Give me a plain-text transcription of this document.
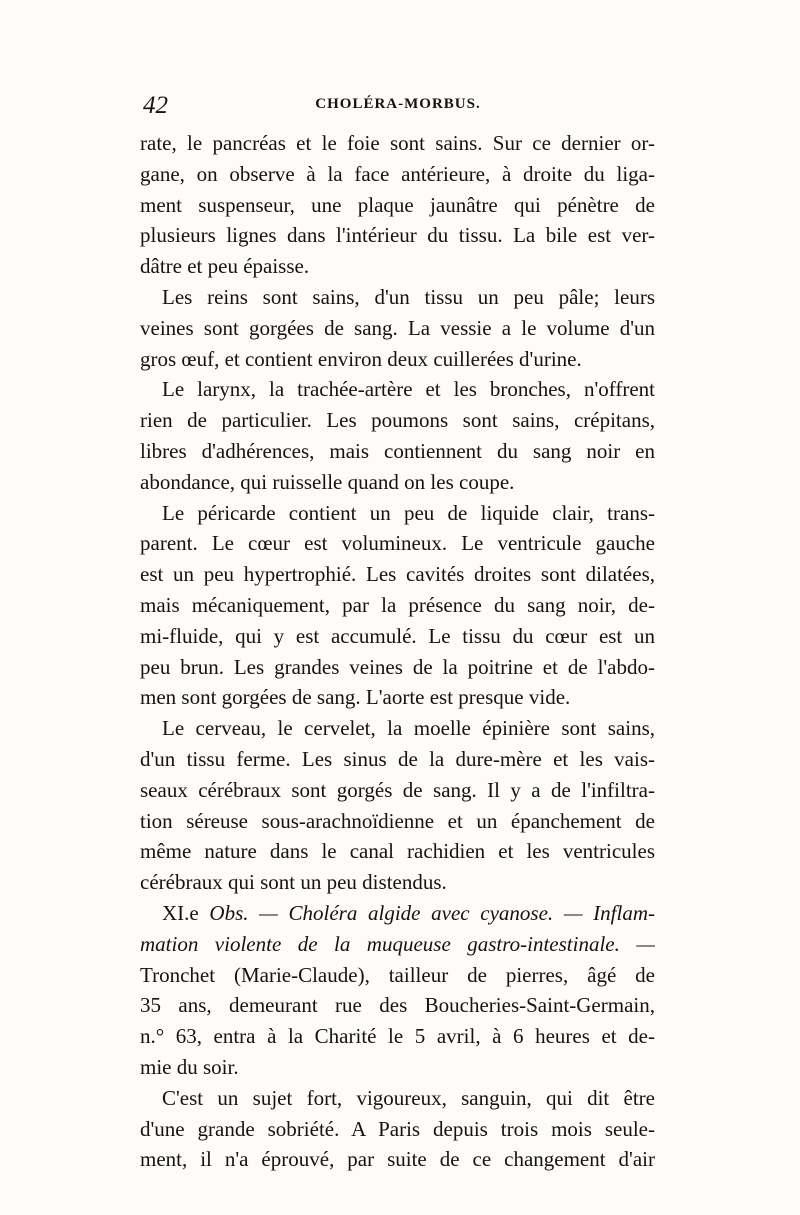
42	CHOLÉRA-MORBUS.
rate, le pancréas et le foie sont sains. Sur ce dernier or-
gane, on observe à la face antérieure, à droite du liga-
ment suspenseur, une plaque jaunâtre qui pénètre de
plusieurs lignes dans l'intérieur du tissu. La bile est ver-
dâtre et peu épaisse.
Les reins sont sains, d'un tissu un peu pâle; leurs
veines sont gorgées de sang. La vessie a le volume d'un
gros œuf, et contient environ deux cuillerées d'urine.
Le larynx, la trachée-artère et les bronches, n'offrent
rien de particulier. Les poumons sont sains, crépitans,
libres d'adhérences, mais contiennent du sang noir en
abondance, qui ruisselle quand on les coupe.
Le péricarde contient un peu de liquide clair, trans-
parent. Le cœur est volumineux. Le ventricule gauche
est un peu hypertrophié. Les cavités droites sont dilatées,
mais mécaniquement, par la présence du sang noir, de-
mi-fluide, qui y est accumulé. Le tissu du cœur est un
peu brun. Les grandes veines de la poitrine et de l'abdo-
men sont gorgées de sang. L'aorte est presque vide.
Le cerveau, le cervelet, la moelle épinière sont sains,
d'un tissu ferme. Les sinus de la dure-mère et les vais-
seaux cérébraux sont gorgés de sang. Il y a de l'infiltra-
tion séreuse sous-arachnoïdienne et un épanchement de
même nature dans le canal rachidien et les ventricules
cérébraux qui sont un peu distendus.
XI.e Obs. — Choléra algide avec cyanose. — Inflam-
mation violente de la muqueuse gastro-intestinale. —
Tronchet (Marie-Claude), tailleur de pierres, âgé de
35 ans, demeurant rue des Boucheries-Saint-Germain,
n.° 63, entra à la Charité le 5 avril, à 6 heures et de-
mie du soir.
C'est un sujet fort, vigoureux, sanguin, qui dit être
d'une grande sobriété. A Paris depuis trois mois seule-
ment, il n'a éprouvé, par suite de ce changement d'air
